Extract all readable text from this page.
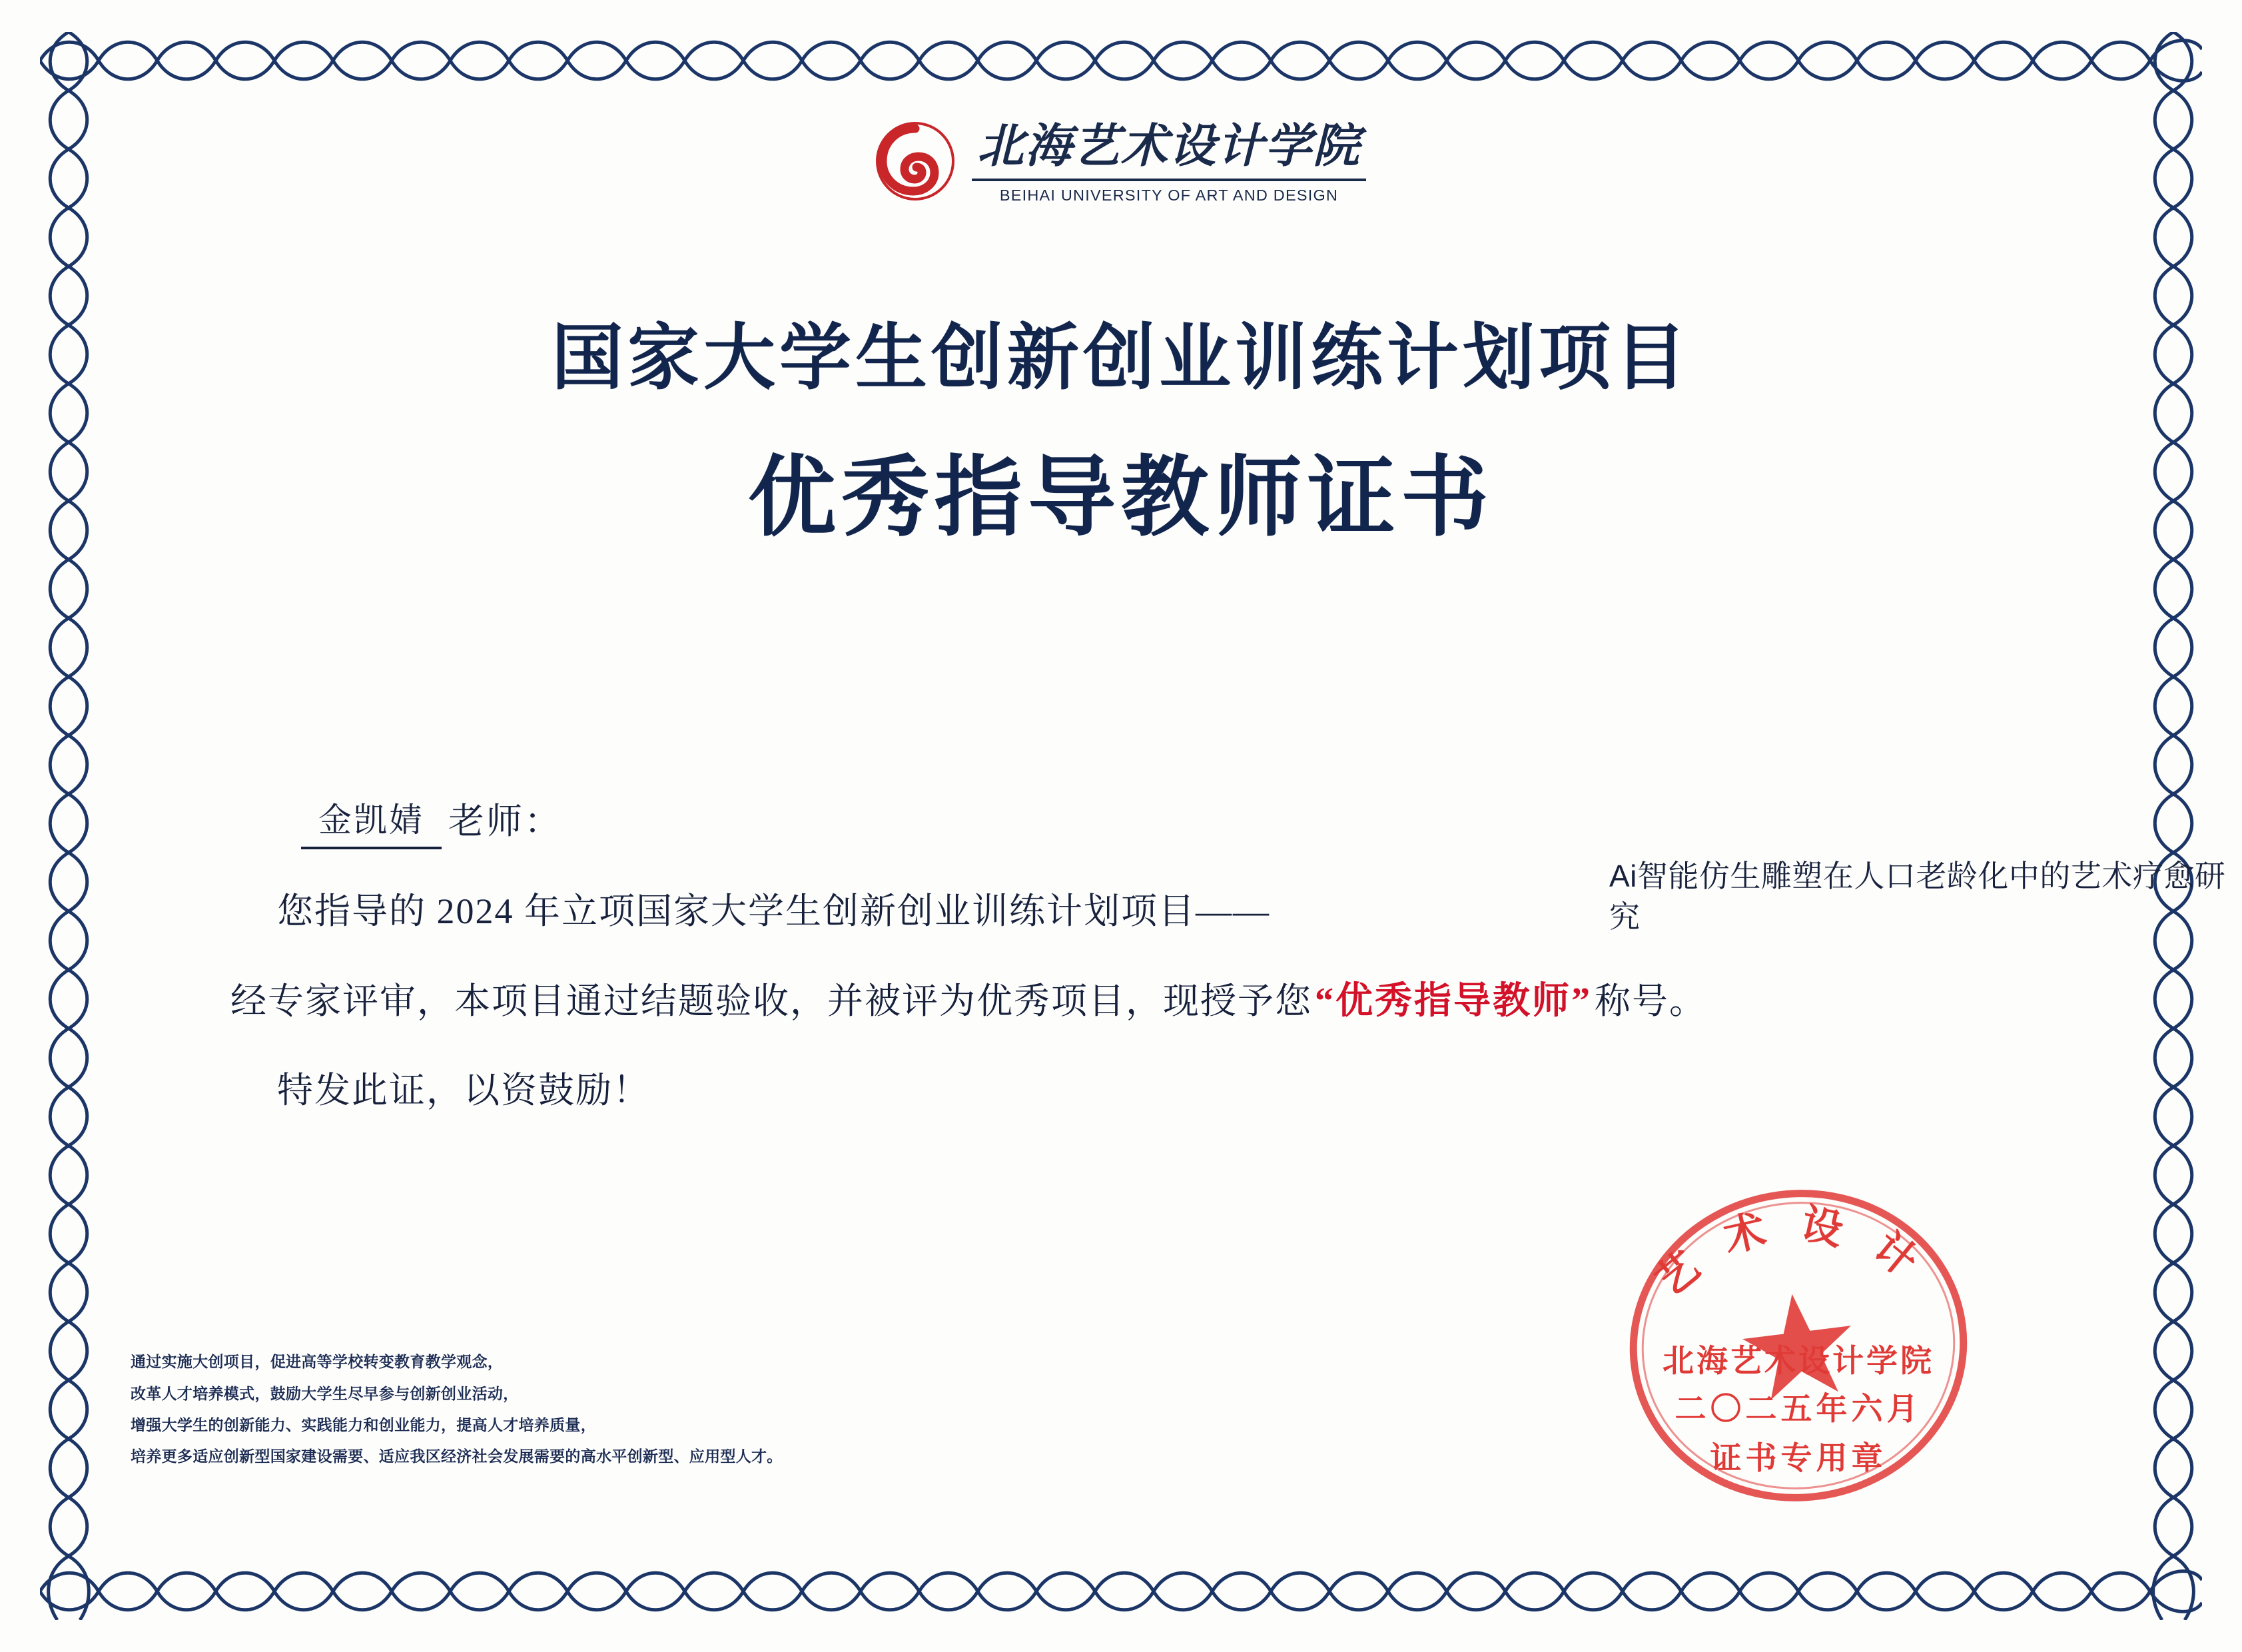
北海艺术设计学院
BEIHAI UNIVERSITY OF ART AND DESIGN
国家大学生创新创业训练计划项目
优秀指导教师证书
金凯婧 老师：
您指导的 2024 年立项国家大学生创新创业训练计划项目——
Ai智能仿生雕塑在人口老龄化中的艺术疗愈研究
经专家评审，本项目通过结题验收，并被评为优秀项目，现授予您 “优秀指导教师” 称号。
特发此证，以资鼓励！
通过实施大创项目，促进高等学校转变教育教学观念，
改革人才培养模式，鼓励大学生尽早参与创新创业活动，
增强大学生的创新能力、实践能力和创业能力，提高人才培养质量，
培养更多适应创新型国家建设需要、适应我区经济社会发展需要的高水平创新型、应用型人才。
艺术设计
北海艺术设计学院
二〇二五年六月
证书专用章
